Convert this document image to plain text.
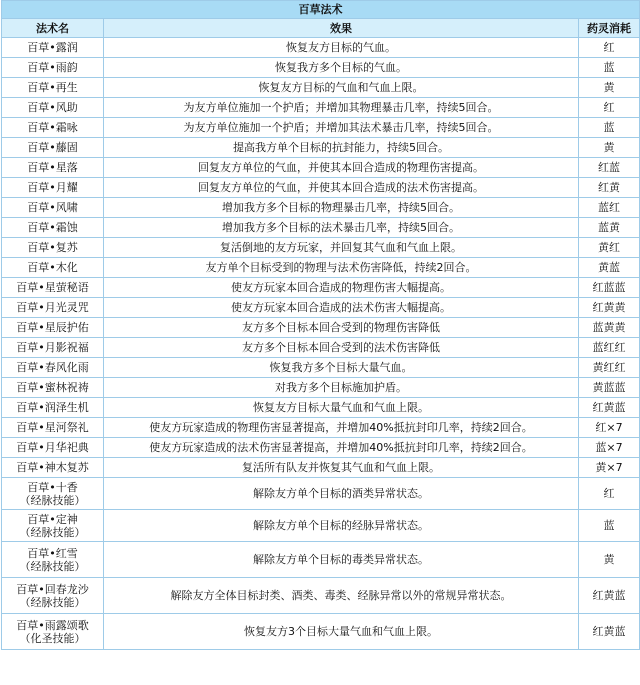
百草法术		
法术名	效果	药灵消耗
百草•露润	恢复友方目标的气血。	红
百草•雨韵	恢复我方多个目标的气血。	蓝
百草•再生	恢复友方目标的气血和气血上限。	黄
百草•风助	为友方单位施加一个护盾；并增加其物理暴击几率，持续5回合。	红
百草•霜咏	为友方单位施加一个护盾；并增加其法术暴击几率，持续5回合。	蓝
百草•藤固	提高我方单个目标的抗封能力，持续5回合。	黄
百草•星落	回复友方单位的气血，并使其本回合造成的物理伤害提高。	红蓝
百草•月耀	回复友方单位的气血，并使其本回合造成的法术伤害提高。	红黄
百草•风啸	增加我方多个目标的物理暴击几率，持续5回合。	蓝红
百草•霜蚀	增加我方多个目标的法术暴击几率，持续5回合。	蓝黄
百草•复苏	复活倒地的友方玩家，并回复其气血和气血上限。	黄红
百草•木化	友方单个目标受到的物理与法术伤害降低，持续2回合。	黄蓝
百草•星萤秘语	使友方玩家本回合造成的物理伤害大幅提高。	红蓝蓝
百草•月光灵咒	使友方玩家本回合造成的法术伤害大幅提高。	红黄黄
百草•星辰护佑	友方多个目标本回合受到的物理伤害降低	蓝黄黄
百草•月影祝福	友方多个目标本回合受到的法术伤害降低	蓝红红
百草•春风化雨	恢复我方多个目标大量气血。	黄红红
百草•蜜林祝祷	对我方多个目标施加护盾。	黄蓝蓝
百草•润泽生机	恢复友方目标大量气血和气血上限。	红黄蓝
百草•星河祭礼	使友方玩家造成的物理伤害显著提高，并增加40%抵抗封印几率，持续2回合。	红×7
百草•月华祀典	使友方玩家造成的法术伤害显著提高，并增加40%抵抗封印几率，持续2回合。	蓝×7
百草•神木复苏	复活所有队友并恢复其气血和气血上限。	黄×7
百草•十香
（经脉技能）	解除友方单个目标的酒类异常状态。	红
百草•定神
（经脉技能）	解除友方单个目标的经脉异常状态。	蓝
百草•红雪
（经脉技能）	解除友方单个目标的毒类异常状态。	黄
百草•回春龙沙
（经脉技能）	解除友方全体目标封类、酒类、毒类、经脉异常以外的常规异常状态。	红黄蓝
百草•雨露颂歌
（化圣技能）	恢复友方3个目标大量气血和气血上限。	红黄蓝
